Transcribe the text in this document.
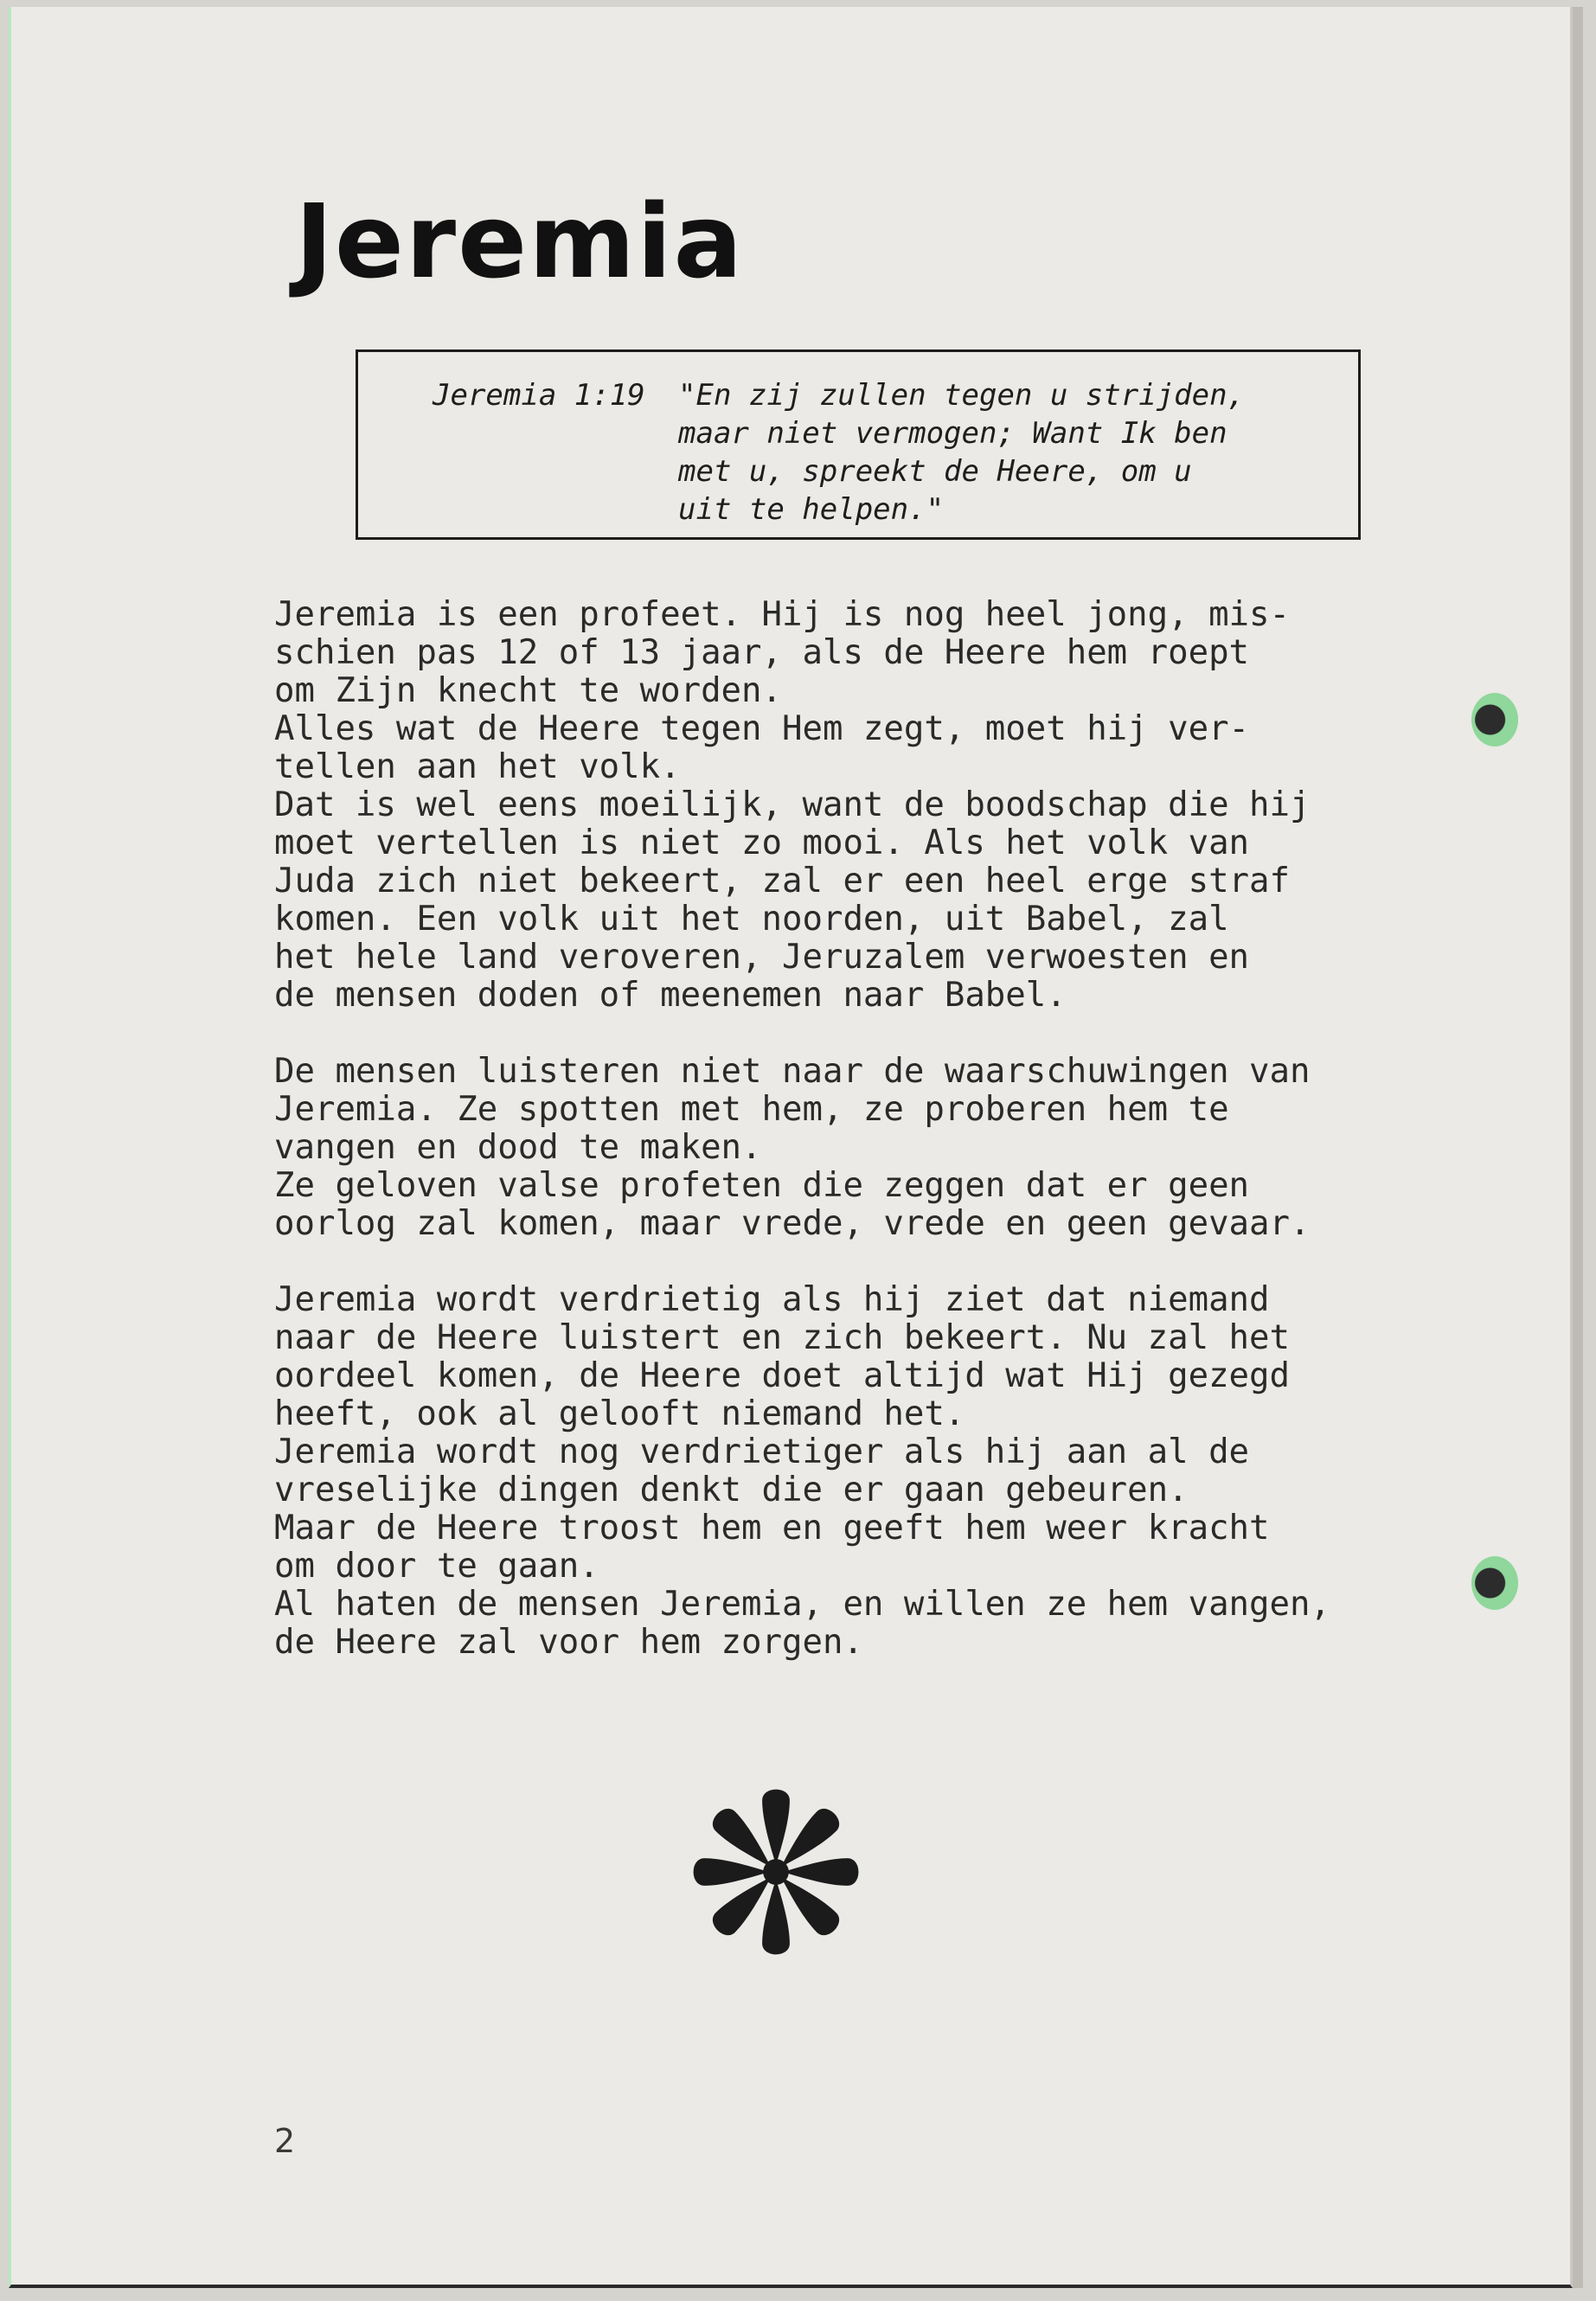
Jeremia
Jeremia 1:19 "En zij zullen tegen u strijden,
maar niet vermogen; Want Ik ben
met u, spreekt de Heere, om u
uit te helpen."

Jeremia is een profeet. Hij is nog heel jong, mis-
schien pas 12 of 13 jaar, als de Heere hem roept
om Zijn knecht te worden.
Alles wat de Heere tegen Hem zegt, moet hij ver-
tellen aan het volk.
Dat is wel eens moeilijk, want de boodschap die hij
moet vertellen is niet zo mooi. Als het volk van
Juda zich niet bekeert, zal er een heel erge straf
komen. Een volk uit het noorden, uit Babel, zal
het hele land veroveren, Jeruzalem verwoesten en
de mensen doden of meenemen naar Babel.

De mensen luisteren niet naar de waarschuwingen van
Jeremia. Ze spotten met hem, ze proberen hem te
vangen en dood te maken.
Ze geloven valse profeten die zeggen dat er geen
oorlog zal komen, maar vrede, vrede en geen gevaar.

Jeremia wordt verdrietig als hij ziet dat niemand
naar de Heere luistert en zich bekeert. Nu zal het
oordeel komen, de Heere doet altijd wat Hij gezegd
heeft, ook al gelooft niemand het.
Jeremia wordt nog verdrietiger als hij aan al de
vreselijke dingen denkt die er gaan gebeuren.
Maar de Heere troost hem en geeft hem weer kracht
om door te gaan.
Al haten de mensen Jeremia, en willen ze hem vangen,
de Heere zal voor hem zorgen.

2
